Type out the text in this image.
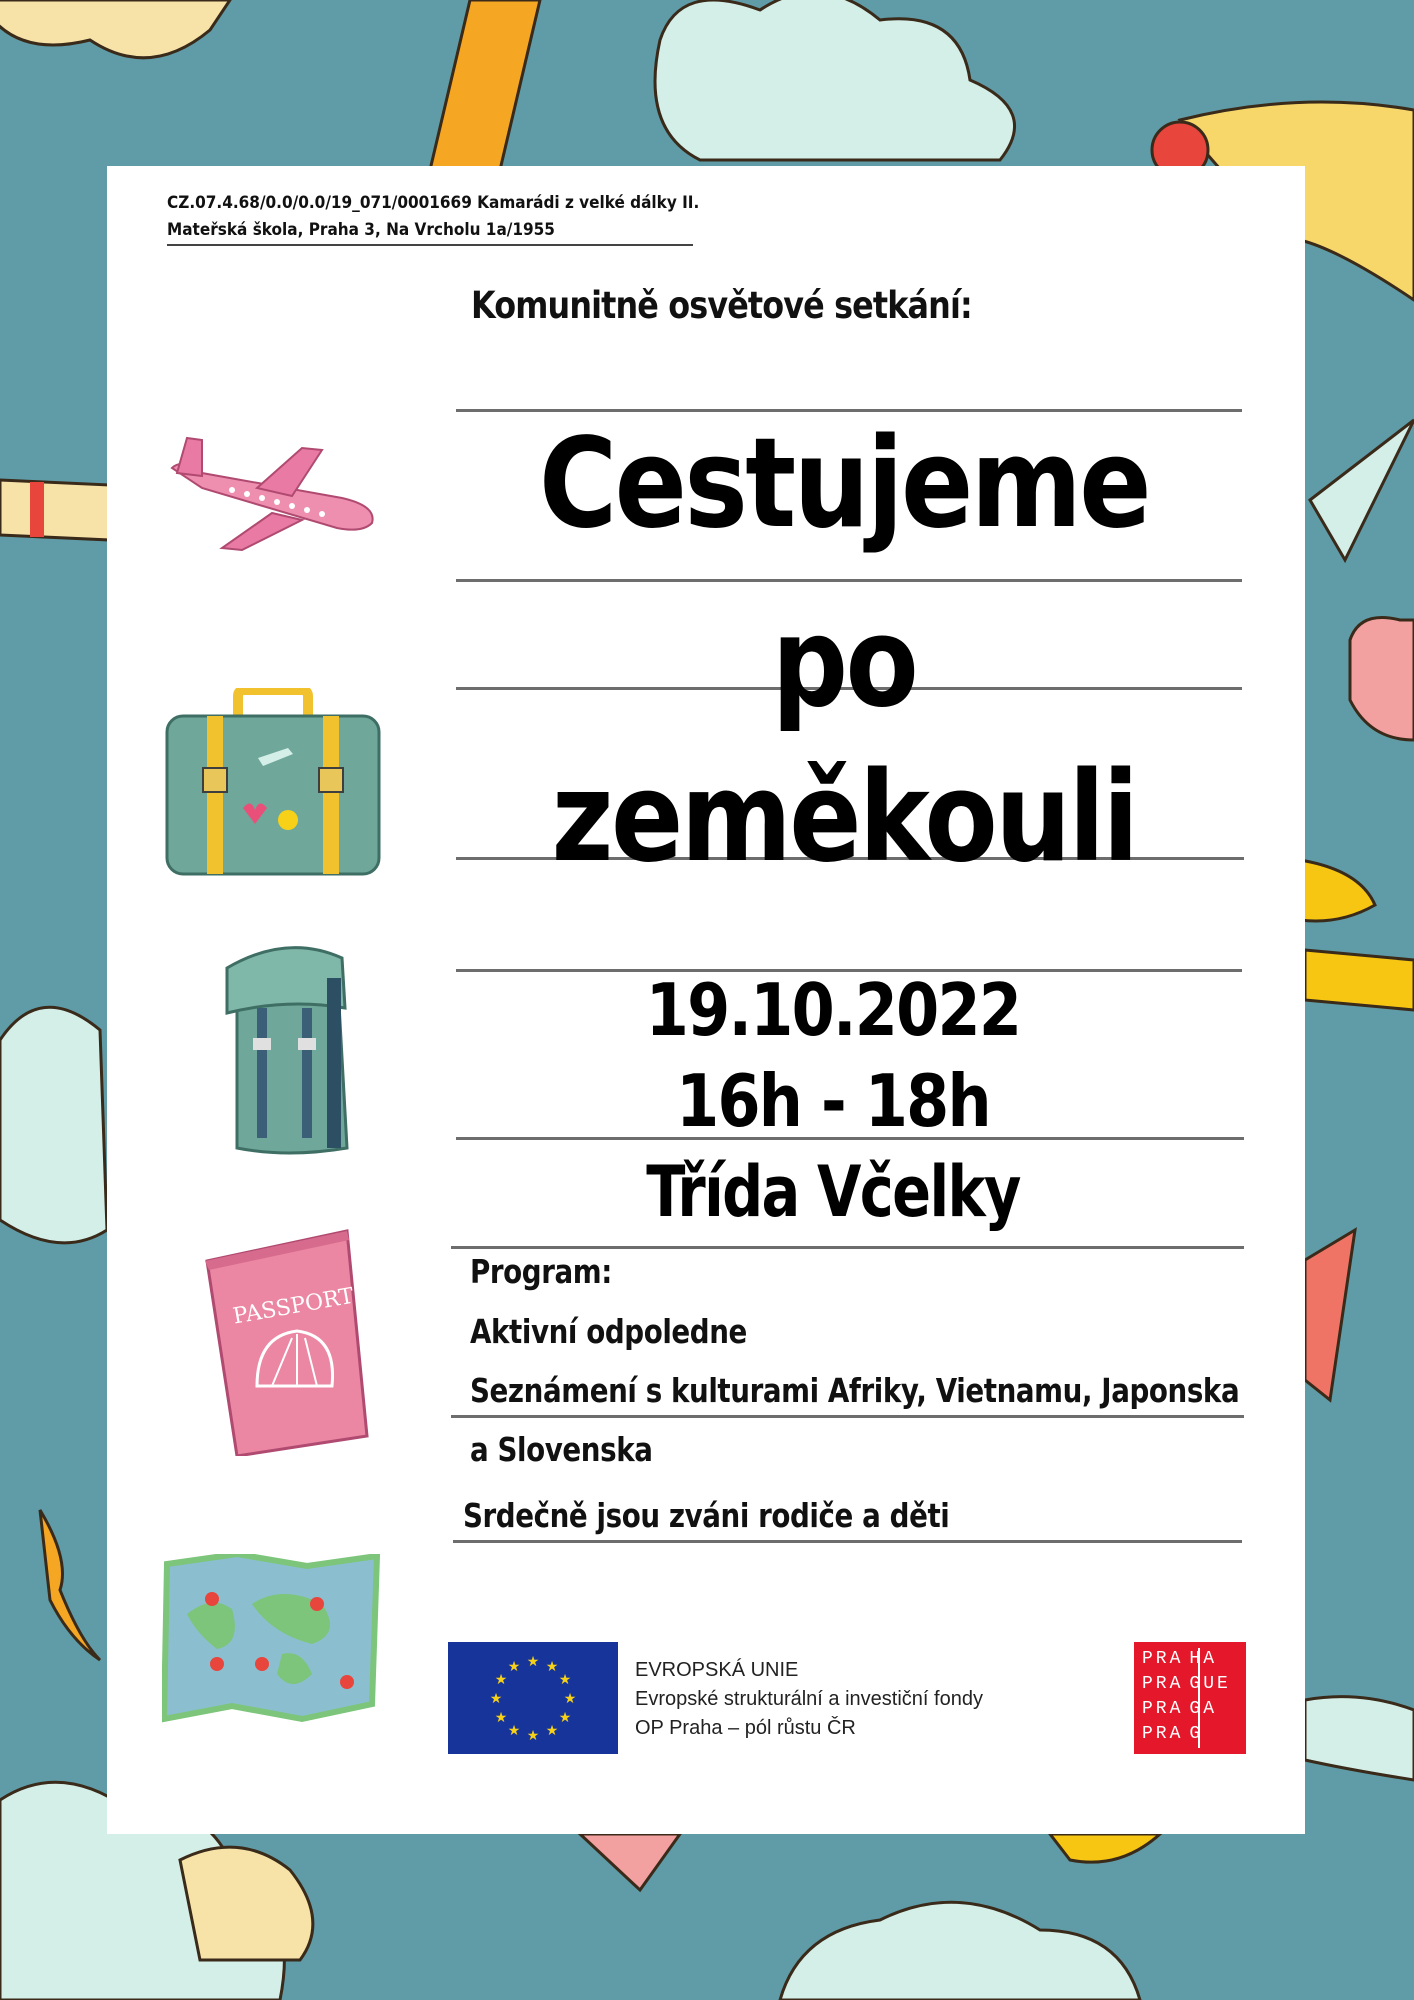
CZ.07.4.68/0.0/0.0/19_071/0001669 Kamarádi z velké dálky II.
Mateřská škola, Praha 3, Na Vrcholu 1a/1955
Komunitně osvětové setkání:
Cestujeme
po
zeměkouli
19.10.2022
16h - 18h
Třída Včelky
Program:
Aktivní odpoledne
Seznámení s kulturami Afriky, Vietnamu, Japonska
a Slovenska
Srdečně jsou zváni rodiče a děti
PASSPORT
★ ★
★
★
★
★
★
★
★
★
★
★	EVROPSKÁ UNIE
Evropské strukturální a investiční fondy
OP Praha – pól růstu ČR
PRA HA
PRA GUE
PRA GA
PRA G
